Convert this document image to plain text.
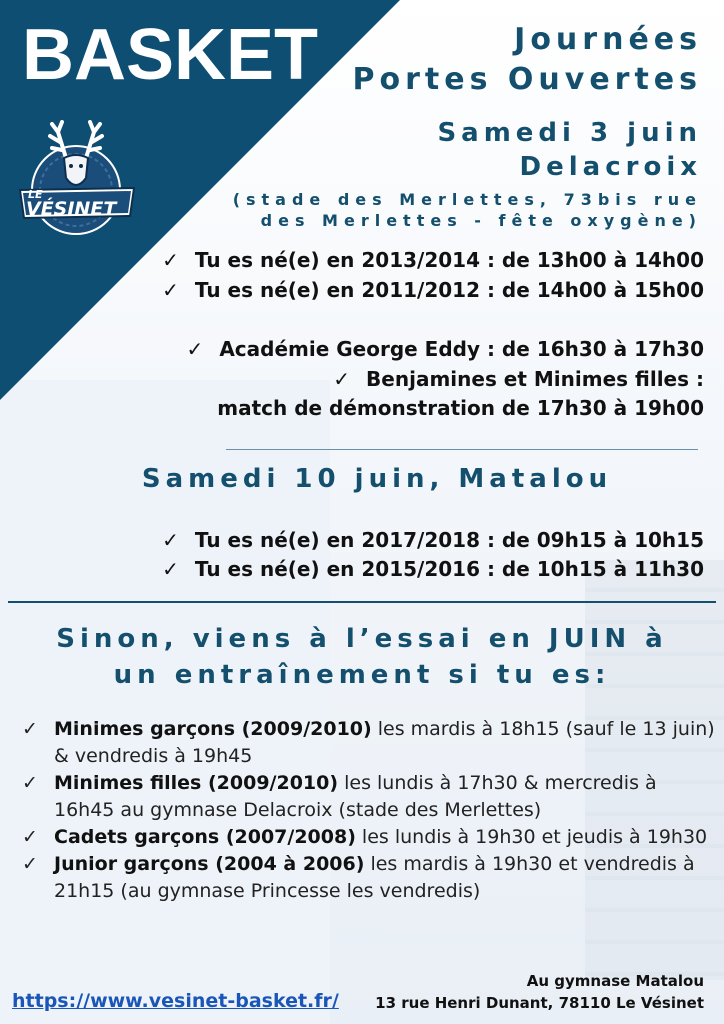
BASKET
LE
VÉSINET
Journées
Portes Ouvertes
Samedi 3 juin
Delacroix
(stade des Merlettes, 73bis rue
des Merlettes - fête oxygène)
✓ Tu es né(e) en 2013/2014 : de 13h00 à 14h00
✓ Tu es né(e) en 2011/2012 : de 14h00 à 15h00
✓ Académie George Eddy : de 16h30 à 17h30
✓ Benjamines et Minimes filles :
match de démonstration de 17h30 à 19h00
Samedi 10 juin, Matalou
✓ Tu es né(e) en 2017/2018 : de 09h15 à 10h15
✓ Tu es né(e) en 2015/2016 : de 10h15 à 11h30
Sinon, viens à l’essai en JUIN à
un entraînement si tu es:
✓ Minimes garçons (2009/2010) les mardis à 18h15 (sauf le 13 juin) & vendredis à 19h45
✓ Minimes filles (2009/2010) les lundis à 17h30 & mercredis à 16h45 au gymnase Delacroix (stade des Merlettes)
✓ Cadets garçons (2007/2008) les lundis à 19h30 et jeudis à 19h30
✓ Junior garçons (2004 à 2006) les mardis à 19h30 et vendredis à 21h15 (au gymnase Princesse les vendredis)
Au gymnase Matalou
13 rue Henri Dunant, 78110 Le Vésinet
https://www.vesinet-basket.fr/
